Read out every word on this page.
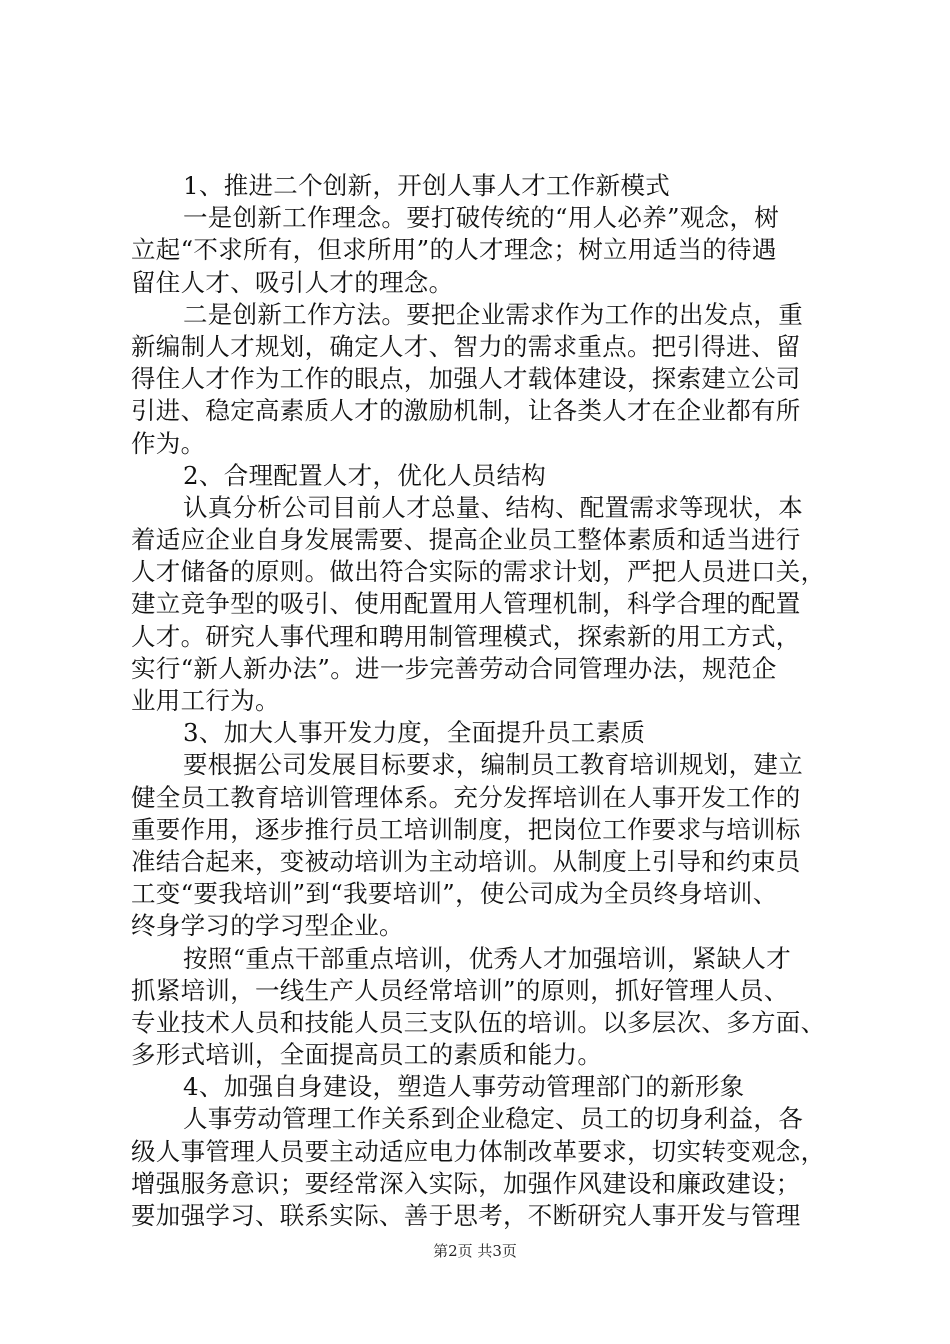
1、推进二个创新，开创人事人才工作新模式
一是创新工作理念。要打破传统的“用人必养”观念，树
立起“不求所有，但求所用”的人才理念；树立用适当的待遇
留住人才、吸引人才的理念。
二是创新工作方法。要把企业需求作为工作的出发点，重
新编制人才规划，确定人才、智力的需求重点。把引得进、留
得住人才作为工作的眼点，加强人才载体建设，探索建立公司
引进、稳定高素质人才的激励机制，让各类人才在企业都有所
作为。
2、合理配置人才，优化人员结构
认真分析公司目前人才总量、结构、配置需求等现状，本
着适应企业自身发展需要、提高企业员工整体素质和适当进行
人才储备的原则。做出符合实际的需求计划，严把人员进口关，
建立竞争型的吸引、使用配置用人管理机制，科学合理的配置
人才。研究人事代理和聘用制管理模式，探索新的用工方式，
实行“新人新办法”。进一步完善劳动合同管理办法，规范企
业用工行为。
3、加大人事开发力度，全面提升员工素质
要根据公司发展目标要求，编制员工教育培训规划，建立
健全员工教育培训管理体系。充分发挥培训在人事开发工作的
重要作用，逐步推行员工培训制度，把岗位工作要求与培训标
准结合起来，变被动培训为主动培训。从制度上引导和约束员
工变“要我培训”到“我要培训”，使公司成为全员终身培训、
终身学习的学习型企业。
按照“重点干部重点培训，优秀人才加强培训，紧缺人才
抓紧培训，一线生产人员经常培训”的原则，抓好管理人员、
专业技术人员和技能人员三支队伍的培训。以多层次、多方面、
多形式培训，全面提高员工的素质和能力。
4、加强自身建设，塑造人事劳动管理部门的新形象
人事劳动管理工作关系到企业稳定、员工的切身利益，各
级人事管理人员要主动适应电力体制改革要求，切实转变观念，
增强服务意识；要经常深入实际，加强作风建设和廉政建设；
要加强学习、联系实际、善于思考，不断研究人事开发与管理
第2页 共3页
